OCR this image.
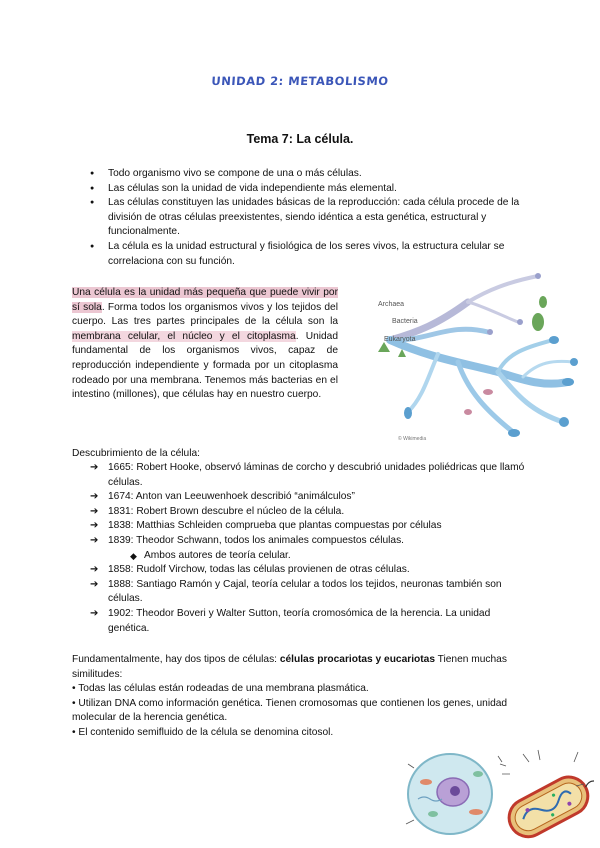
UNIDAD 2: METABOLISMO
Tema 7: La célula.
● Todo organismo vivo se compone de una o más células.
● Las células son la unidad de vida independiente más elemental.
● Las células constituyen las unidades básicas de la reproducción: cada célula procede de la división de otras células preexistentes, siendo idéntica a esta genética, estructural y funcionalmente.
● La célula es la unidad estructural y fisiológica de los seres vivos, la estructura celular se correlaciona con su función.

Una célula es la unidad más pequeña que puede vivir por sí sola. Forma todos los organismos vivos y los tejidos del cuerpo. Las tres partes principales de la célula son la membrana celular, el núcleo y el citoplasma. Unidad fundamental de los organismos vivos, capaz de reproducción independiente y formada por un citoplasma rodeado por una membrana. Tenemos más bacterias en el intestino (millones), que células hay en nuestro cuerpo.

Archaea
Bacteria
Eukaryota
© Wikimedia
Descubrimiento de la célula:
➔ 1665: Robert Hooke, observó láminas de corcho y descubrió unidades poliédricas que llamó células.
➔ 1674: Anton van Leeuwenhoek describió “animálculos”
➔ 1831: Robert Brown descubre el núcleo de la célula.
➔ 1838: Matthias Schleiden comprueba que plantas compuestas por células
➔ 1839: Theodor Schwann, todos los animales compuestos células.
◆ Ambos autores de teoría celular.
➔ 1858: Rudolf Virchow, todas las células provienen de otras células.
➔ 1888: Santiago Ramón y Cajal, teoría celular a todos los tejidos, neuronas también son células.
➔ 1902: Theodor Boveri y Walter Sutton, teoría cromosómica de la herencia. La unidad genética.

Fundamentalmente, hay dos tipos de células: células procariotas y eucariotas Tienen muchas similitudes:

• Todas las células están rodeadas de una membrana plasmática.

• Utilizan DNA como información genética. Tienen cromosomas que contienen los genes, unidad molecular de la herencia genética.

• El contenido semifluido de la célula se denomina citosol.
